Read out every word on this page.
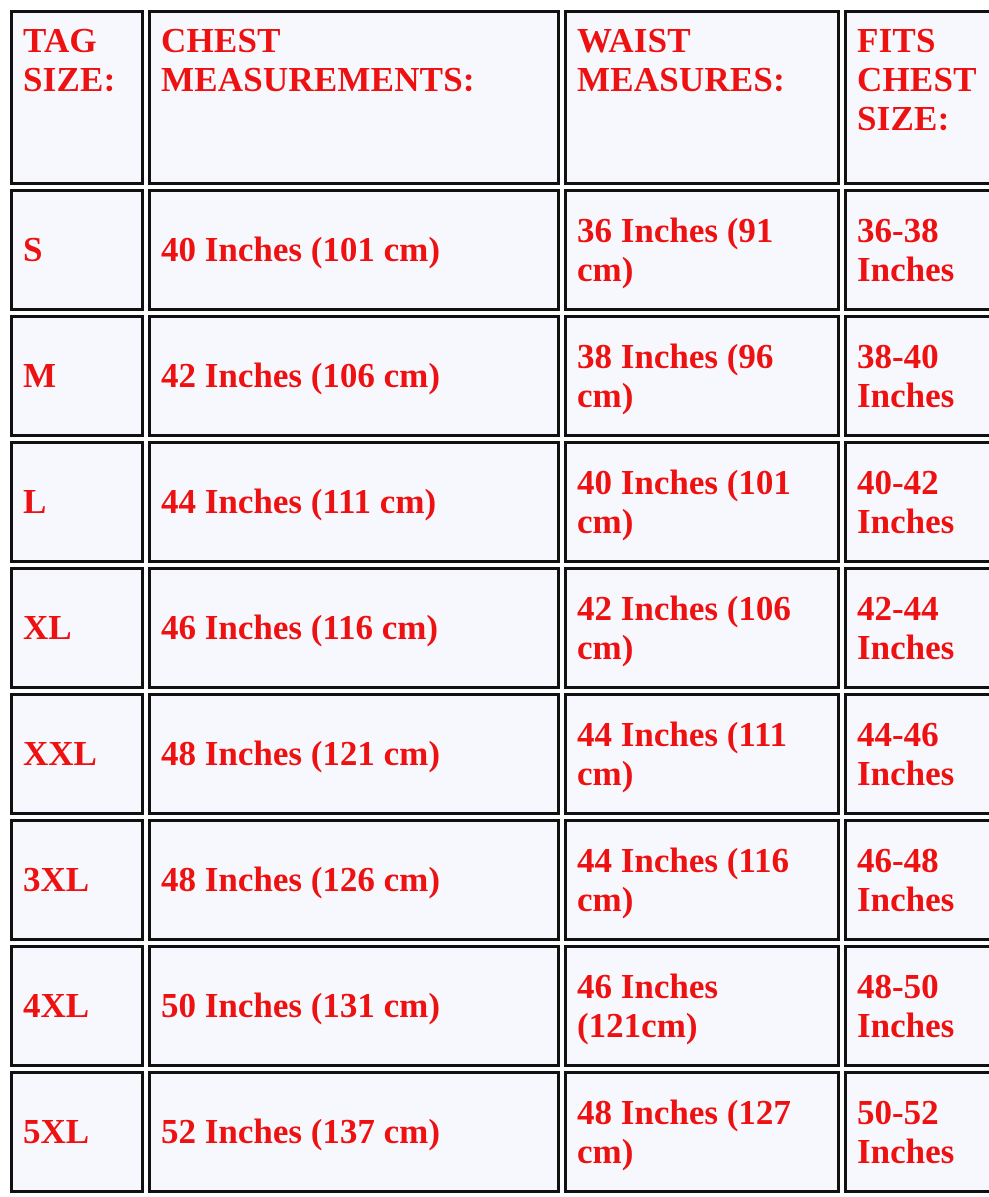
TAG SIZE:	CHEST MEASUREMENTS:	WAIST MEASURES:	FITS CHEST SIZE:

S	40 Inches (101 cm)	36 Inches (91 cm)	36-38 Inches

M	42 Inches (106 cm)	38 Inches (96 cm)	38-40 Inches

L	44 Inches (111 cm)	40 Inches (101 cm)	40-42 Inches

XL	46 Inches (116 cm)	42 Inches (106 cm)	42-44 Inches

XXL	48 Inches (121 cm)	44 Inches (111 cm)	44-46 Inches

3XL	48 Inches (126 cm)	44 Inches (116 cm)	46-48 Inches

4XL	50 Inches (131 cm)	46 Inches (121cm)	48-50 Inches

5XL	52 Inches (137 cm)	48 Inches (127 cm)	50-52 Inches
